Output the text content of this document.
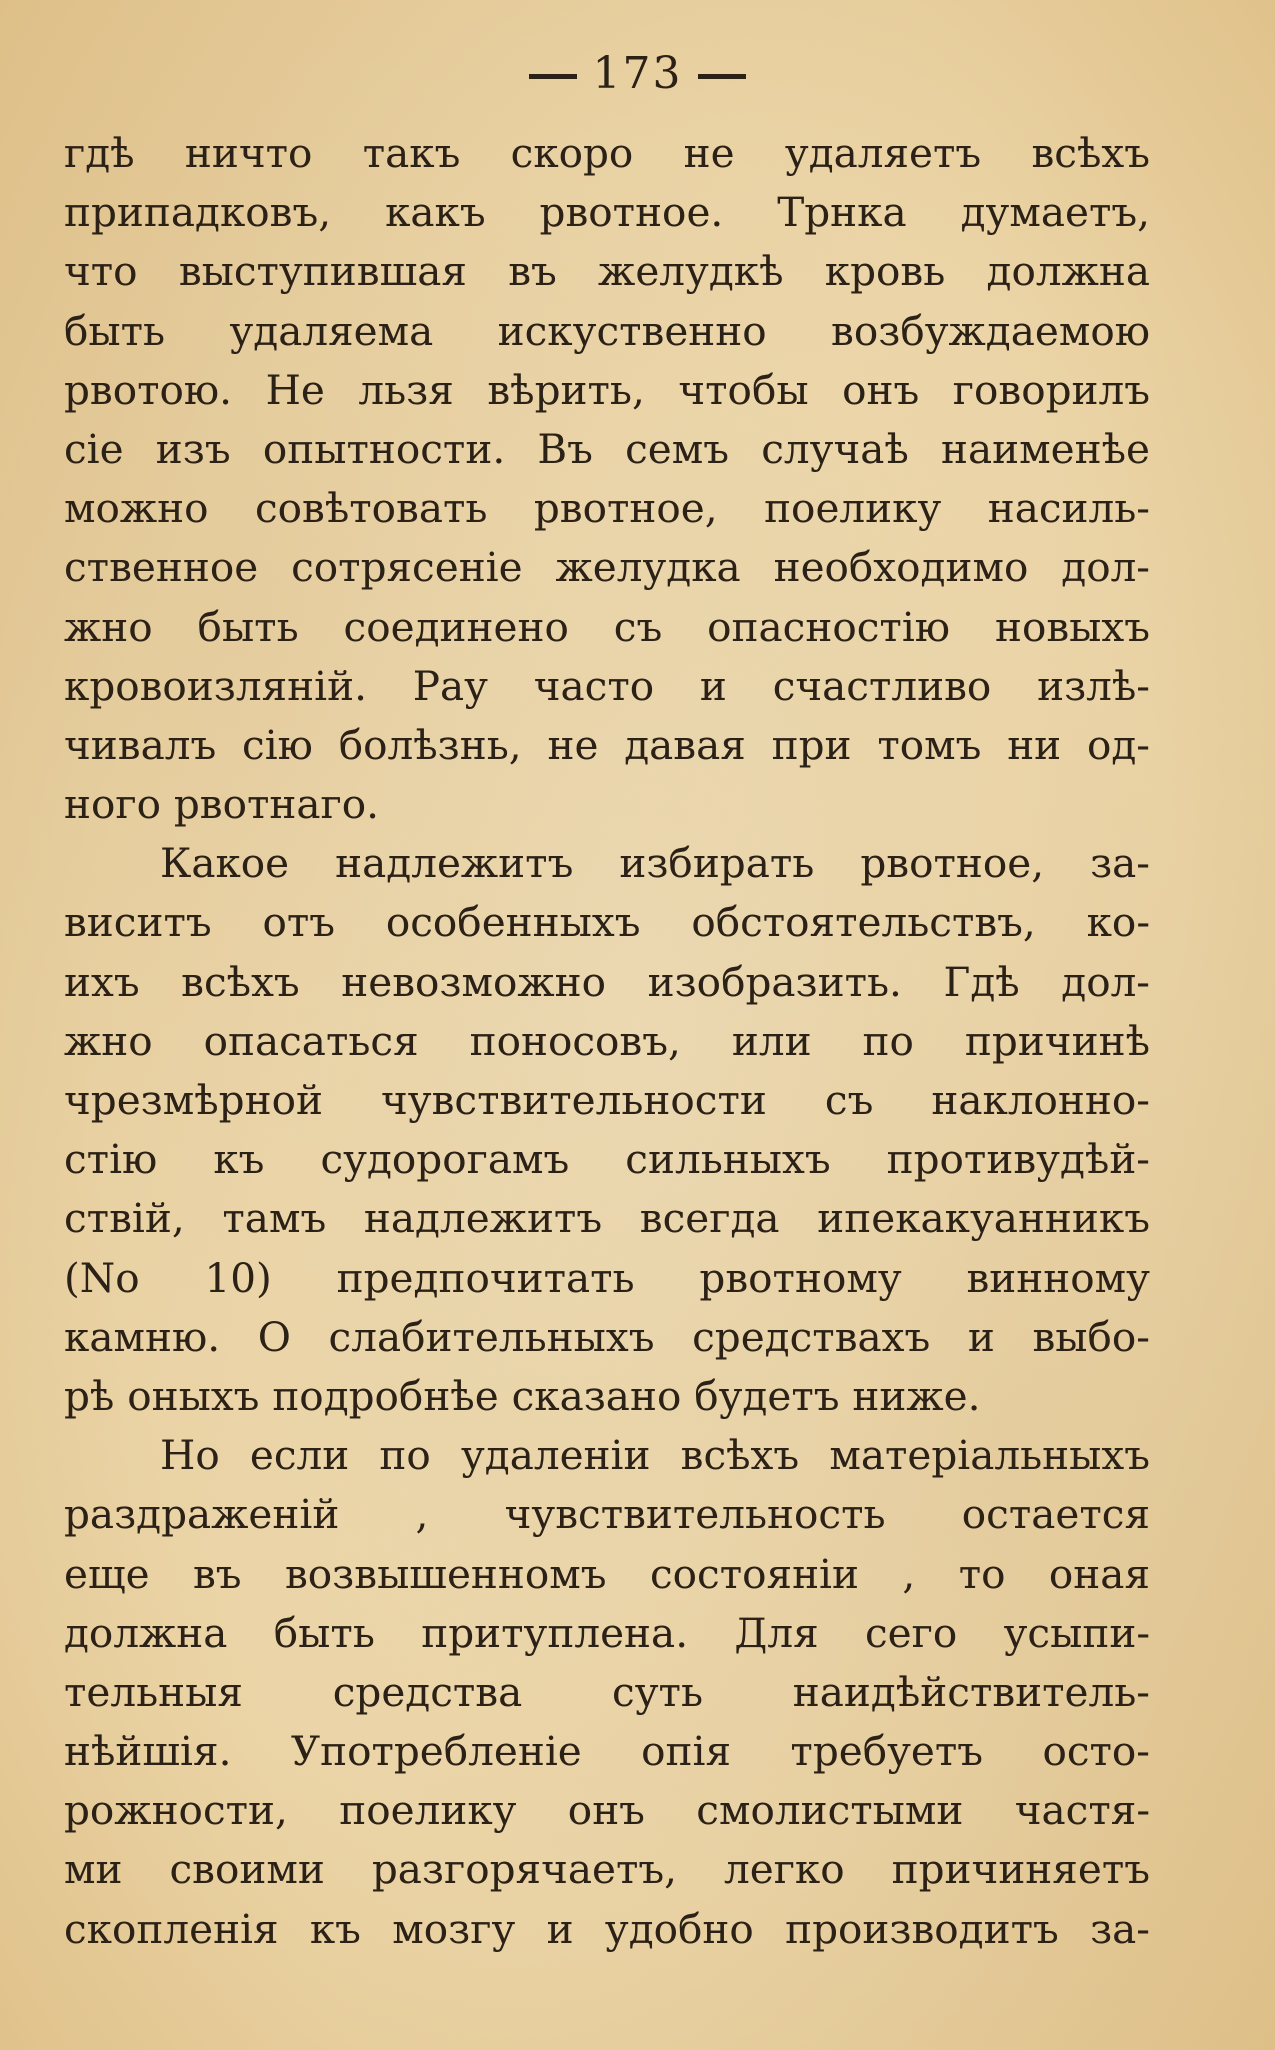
173
гдѣ ничто такъ скоро не удаляетъ всѣхъ
припадковъ, какъ рвотное. Трнка думаетъ,
что выступившая въ желудкѣ кровь должна
быть удаляема искуственно возбуждаемою
рвотою. Не льзя вѣрить, чтобы онъ говорилъ
сіе изъ опытности. Въ семъ случаѣ наименѣе
можно совѣтовать рвотное, поелику насиль-
ственное сотрясеніе желудка необходимо дол-
жно быть соединено съ опасностію новыхъ
кровоизляній. Рау часто и счастливо излѣ-
чивалъ сію болѣзнь, не давая при томъ ни од-
ного рвотнаго.
Какое надлежитъ избирать рвотное, за-
виситъ отъ особенныхъ обстоятельствъ, ко-
ихъ всѣхъ невозможно изобразить. Гдѣ дол-
жно опасаться поносовъ, или по причинѣ
чрезмѣрной чувствительности съ наклонно-
стію къ судорогамъ сильныхъ противудѣй-
ствій, тамъ надлежитъ всегда ипекакуанникъ
(No 10) предпочитать рвотному винному
камню. О слабительныхъ средствахъ и выбо-
рѣ оныхъ подробнѣе сказано будетъ ниже.
Но если по удаленіи всѣхъ матеріальныхъ
раздраженій , чувствительность остается
еще въ возвышенномъ состояніи , то оная
должна быть притуплена. Для сего усыпи-
тельныя средства суть наидѣйствитель-
нѣйшія. Употребленіе опія требуетъ осто-
рожности, поелику онъ смолистыми частя-
ми своими разгорячаетъ, легко причиняетъ
скопленія къ мозгу и удобно производитъ за-
